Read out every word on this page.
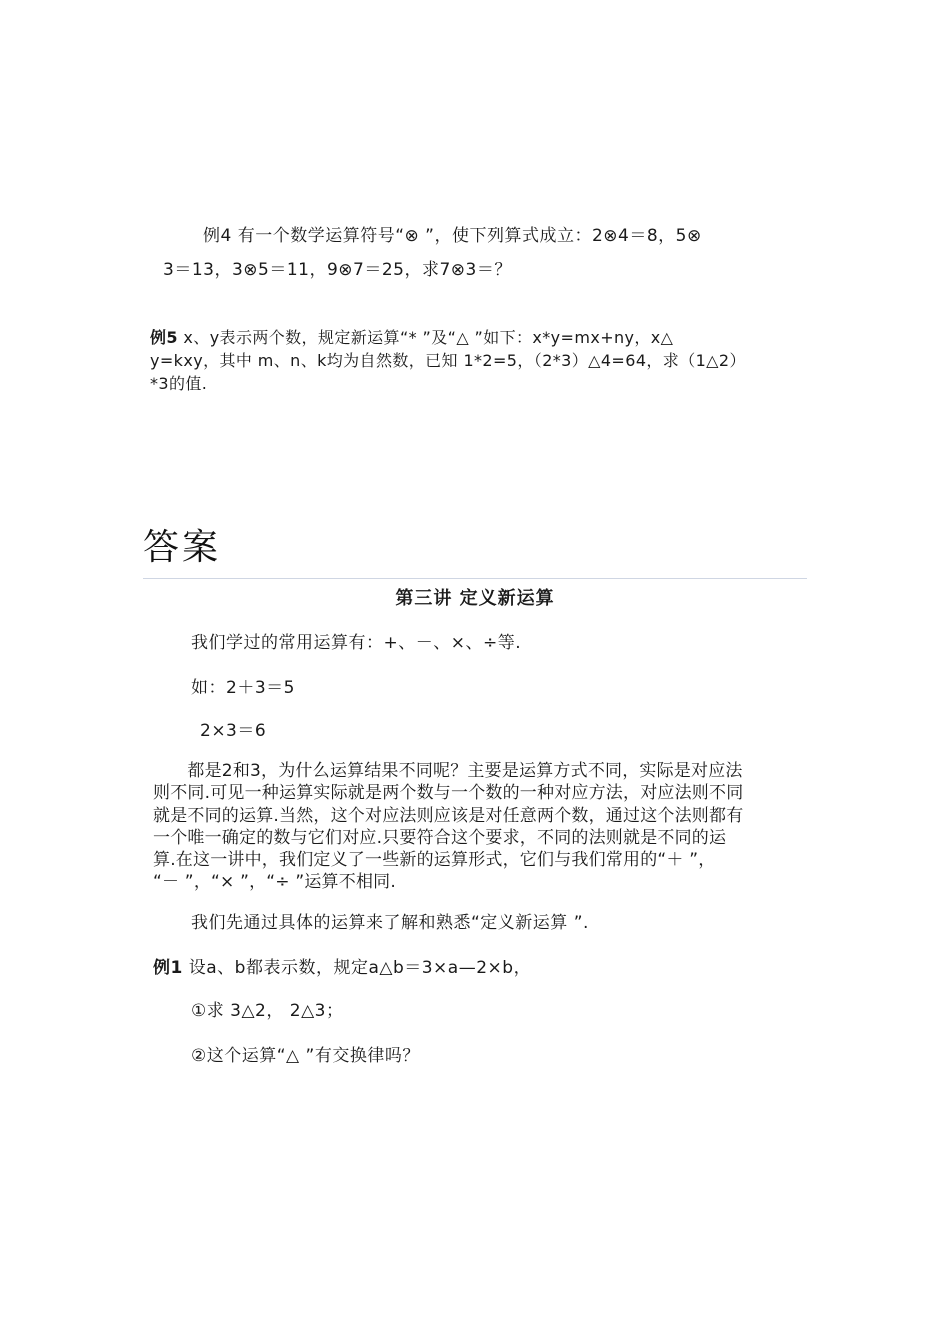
例4 有一个数学运算符号“⊗ ”，使下列算式成立：2⊗4＝8，5⊗

3＝13，3⊗5＝11，9⊗7＝25，求7⊗3＝？

例5 x、y表示两个数，规定新运算“* ”及“△ ”如下：x*y=mx+ny，x△

y=kxy，其中 m、n、k均为自然数，已知 1*2=5，（2*3）△4=64，求（1△2）

*3的值.

答案
第三讲 定义新运算

我们学过的常用运算有：+、－、×、÷等.

如：2＋3＝5

2×3＝6

　　都是2和3，为什么运算结果不同呢？主要是运算方式不同，实际是对应法
则不同.可见一种运算实际就是两个数与一个数的一种对应方法，对应法则不同
就是不同的运算.当然，这个对应法则应该是对任意两个数，通过这个法则都有
一个唯一确定的数与它们对应.只要符合这个要求，不同的法则就是不同的运
算.在这一讲中，我们定义了一些新的运算形式，它们与我们常用的“＋ ”，
“－ ”，“× ”，“÷ ”运算不相同.

我们先通过具体的运算来了解和熟悉“定义新运算 ”.

例1 设a、b都表示数，规定a△b＝3×a—2×b，

①求 3△2， 2△3；

②这个运算“△ ”有交换律吗？
